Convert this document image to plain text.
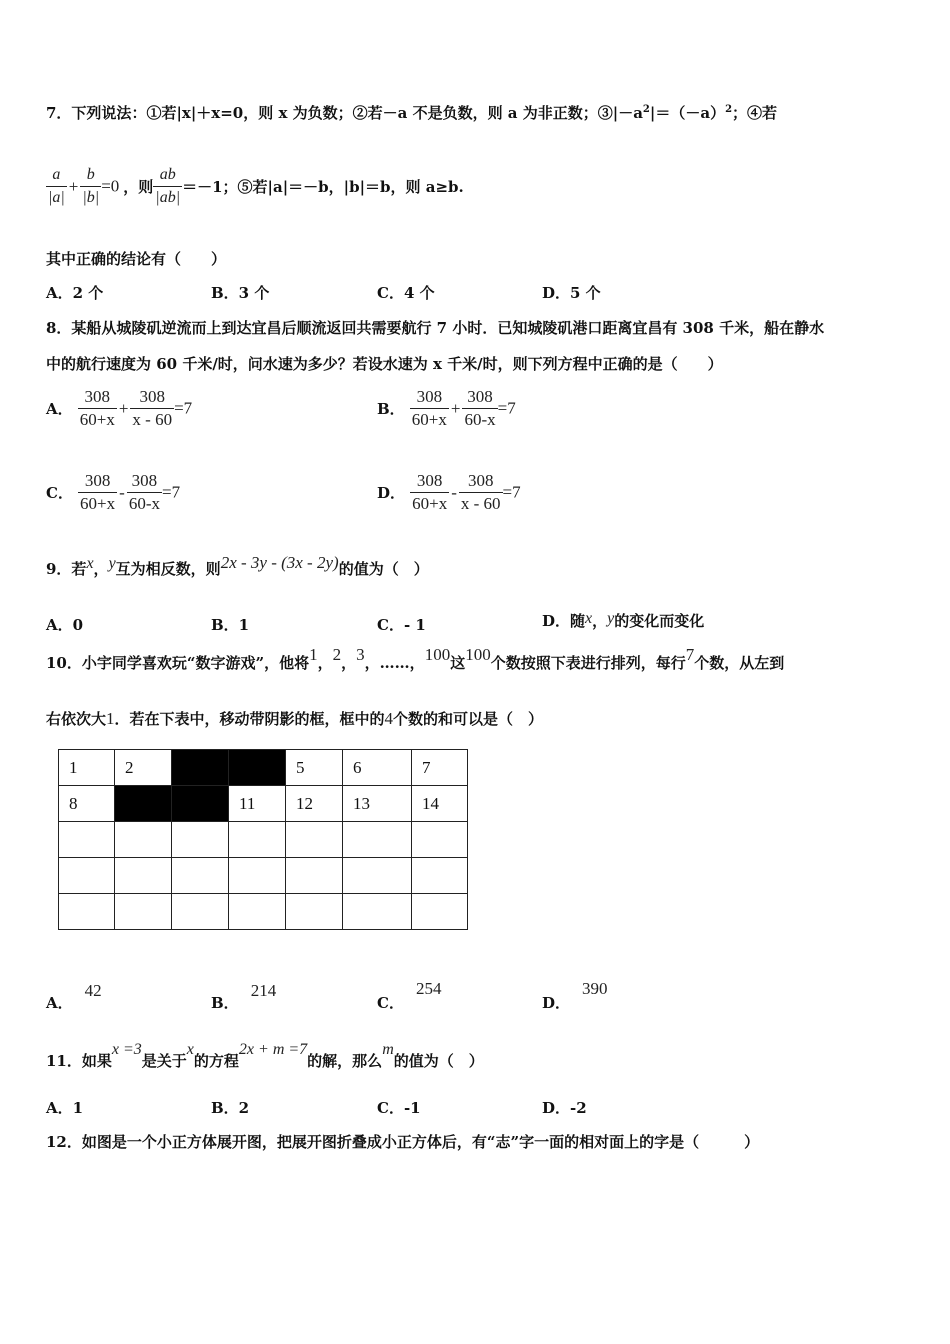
7．下列说法：①若|x|＋x=0，则 x 为负数；②若－a 不是负数，则 a 为非正数；$③|-a^2|=(-a)^2$；④若
$\frac{a}{|a|} + \frac{b}{|b|} =0$ ，则 $\frac{ab}{|ab|} =-1$；⑤若|a|＝－b，|b|＝b，则 a≥b.
其中正确的结论有（　　）
A．2 个	B．3 个	C．4 个	D．5 个
8．某船从城陵矶逆流而上到达宜昌后顺流返回共需要航行 7 小时．已知城陵矶港口距离宜昌有 308 千米，船在静水
中的航行速度为 60 千米/时，问水速为多少？若设水速为 x 千米/时，则下列方程中正确的是（　　）
A． $\frac{308}{60+x} + \frac{308}{x - 60} =7$	B． $\frac{308}{60+x} + \frac{308}{60-x} =7$
C． $\frac{308}{60+x} - \frac{308}{60-x} =7$	D． $\frac{308}{60+x} - \frac{308}{x - 60} =7$
9．若x，y互为相反数，则2x - 3y - (3x - 2y)的值为（　）
A．0	B．1	C．- 1	D．随x，y的变化而变化
10．小宇同学喜欢玩“数字游戏”，他将1，2，3，……，100这100个数按照下表进行排列，每行7个数，从左到
右依次大1．若在下表中，移动带阴影的框，框中的4个数的和可以是（　）
1	2			5	6	7
8			11	12	13	14

A．42
B．214
C．254
D．390
11．如果x =3是关于x的方程2x + m =7的解，那么m的值为（　）
A．1	B．2	C．-1	D．-2
12．如图是一个小正方体展开图，把展开图折叠成小正方体后，有“志”字一面的相对面上的字是（　　　）
